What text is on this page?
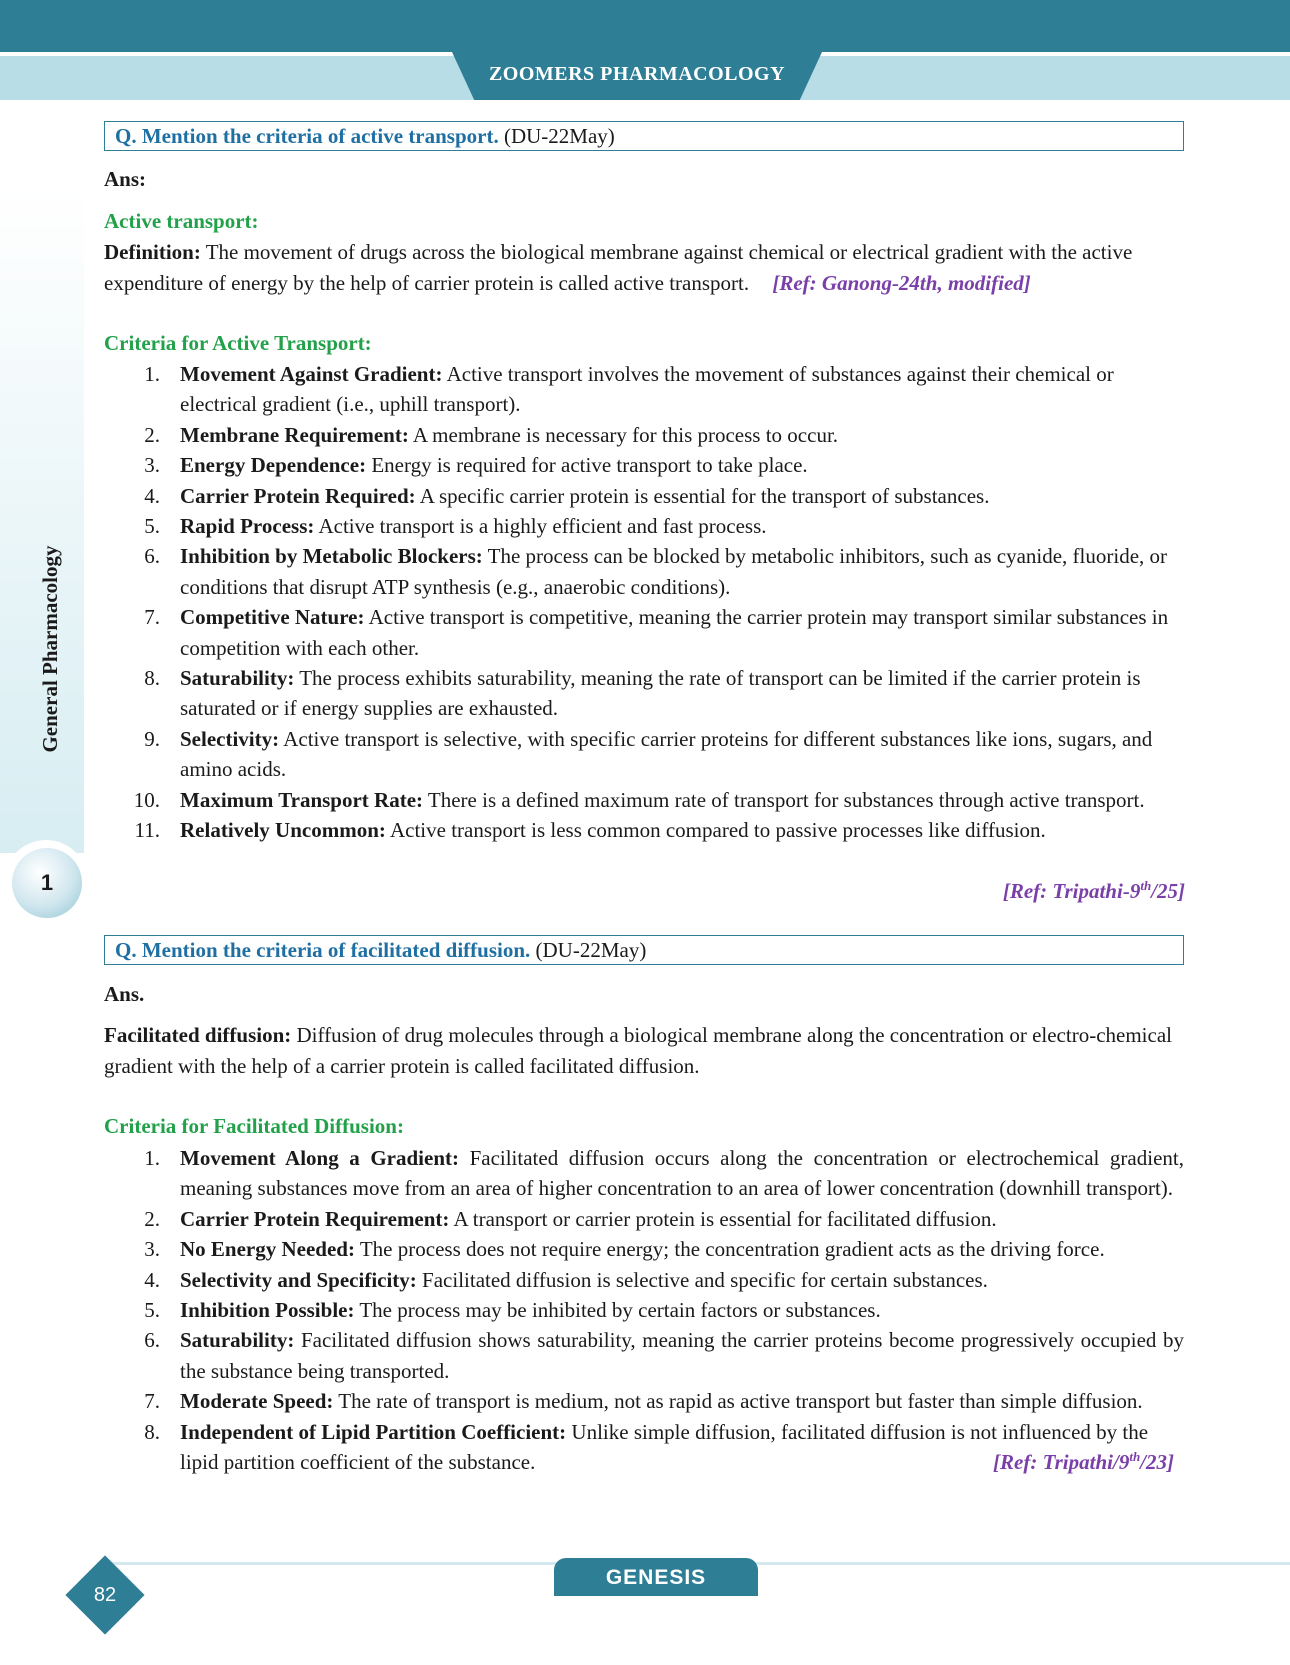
ZOOMERS PHARMACOLOGY
General Pharmacology
1
Q. Mention the criteria of active transport. (DU-22May)
Ans:
Active transport:
Definition: The movement of drugs across the biological membrane against chemical or electrical gradient with the active expenditure of energy by the help of carrier protein is called active transport. [Ref: Ganong-24th, modified]
Criteria for Active Transport:
1. Movement Against Gradient: Active transport involves the movement of substances against their chemical or electrical gradient (i.e., uphill transport).
2. Membrane Requirement: A membrane is necessary for this process to occur.
3. Energy Dependence: Energy is required for active transport to take place.
4. Carrier Protein Required: A specific carrier protein is essential for the transport of substances.
5. Rapid Process: Active transport is a highly efficient and fast process.
6. Inhibition by Metabolic Blockers: The process can be blocked by metabolic inhibitors, such as cyanide, fluoride, or conditions that disrupt ATP synthesis (e.g., anaerobic conditions).
7. Competitive Nature: Active transport is competitive, meaning the carrier protein may transport similar substances in competition with each other.
8. Saturability: The process exhibits saturability, meaning the rate of transport can be limited if the carrier protein is saturated or if energy supplies are exhausted.
9. Selectivity: Active transport is selective, with specific carrier proteins for different substances like ions, sugars, and amino acids.
10. Maximum Transport Rate: There is a defined maximum rate of transport for substances through active transport.
11. Relatively Uncommon: Active transport is less common compared to passive processes like diffusion.
[Ref: Tripathi-9th/25]
Q. Mention the criteria of facilitated diffusion. (DU-22May)
Ans.
Facilitated diffusion: Diffusion of drug molecules through a biological membrane along the concentration or electro-chemical gradient with the help of a carrier protein is called facilitated diffusion.
Criteria for Facilitated Diffusion:
1. Movement Along a Gradient: Facilitated diffusion occurs along the concentration or electrochemical gradient, meaning substances move from an area of higher concentration to an area of lower concentration (downhill transport).
2. Carrier Protein Requirement: A transport or carrier protein is essential for facilitated diffusion.
3. No Energy Needed: The process does not require energy; the concentration gradient acts as the driving force.
4. Selectivity and Specificity: Facilitated diffusion is selective and specific for certain substances.
5. Inhibition Possible: The process may be inhibited by certain factors or substances.
6. Saturability: Facilitated diffusion shows saturability, meaning the carrier proteins become progressively occupied by the substance being transported.
7. Moderate Speed: The rate of transport is medium, not as rapid as active transport but faster than simple diffusion.
8. Independent of Lipid Partition Coefficient: Unlike simple diffusion, facilitated diffusion is not influenced by the lipid partition coefficient of the substance.	[Ref: Tripathi/9th/23]
GENESIS
82
